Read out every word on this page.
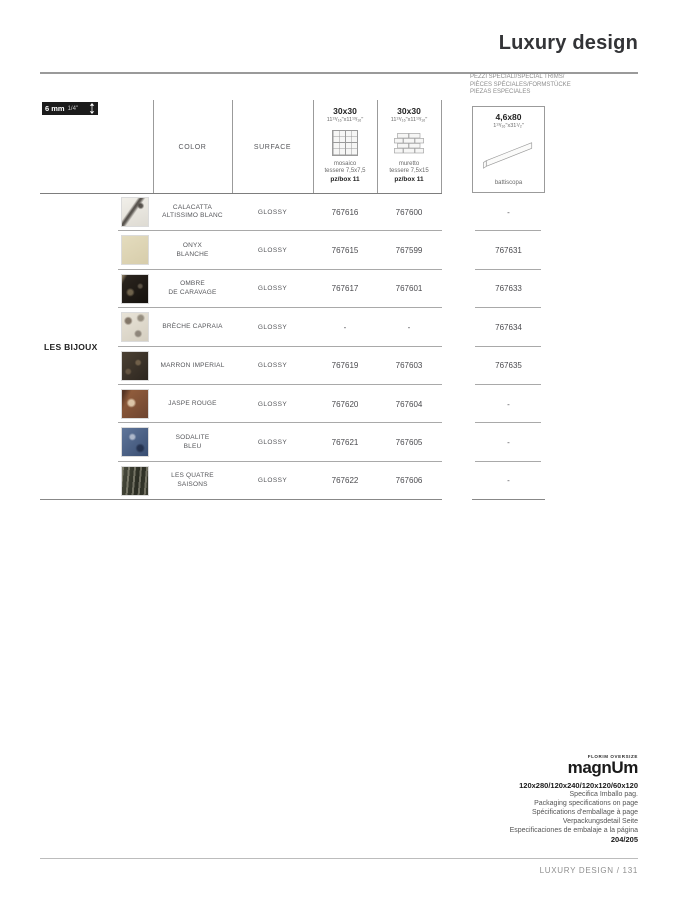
Luxury design
PEZZI SPECIALI/SPECIAL TRIMS/
PIÈCES SPÉCIALES/FORMSTÜCKE
PIEZAS ESPECIALES
6 mm 1/4"
COLOR	SURFACE
30x30
11¹³/₁₆"x11¹³/₁₆"
mosaico
tessere 7,5x7,5
pz/box 11
30x30
11¹³/₁₆"x11¹³/₁₆"
muretto
tessere 7,5x15
pz/box 11
4,6x80
1¹³/₁₆"x31¹/₂"
battiscopa
LES BIJOUX
CALACATTA
ALTISSIMO BLANC	GLOSSY	767616	767600	-
ONYX
BLANCHE	GLOSSY	767615	767599	767631
OMBRE
DE CARAVAGE	GLOSSY	767617	767601	767633
BRÈCHE CAPRAIA	GLOSSY	-	-	767634
MARRON IMPERIAL	GLOSSY	767619	767603	767635
JASPE ROUGE	GLOSSY	767620	767604	-
SODALITE
BLEU	GLOSSY	767621	767605	-
LES QUATRE
SAISONS	GLOSSY	767622	767606	-
LUXURY DESIGN / 131
FLORIM OVERSIZE
magnUm
120x280/120x240/120x120/60x120
Specifica Imballo pag.
Packaging specifications on page
Spécifications d'emballage à page
Verpackungsdetail Seite
Especificaciones de embalaje a la página
204/205
